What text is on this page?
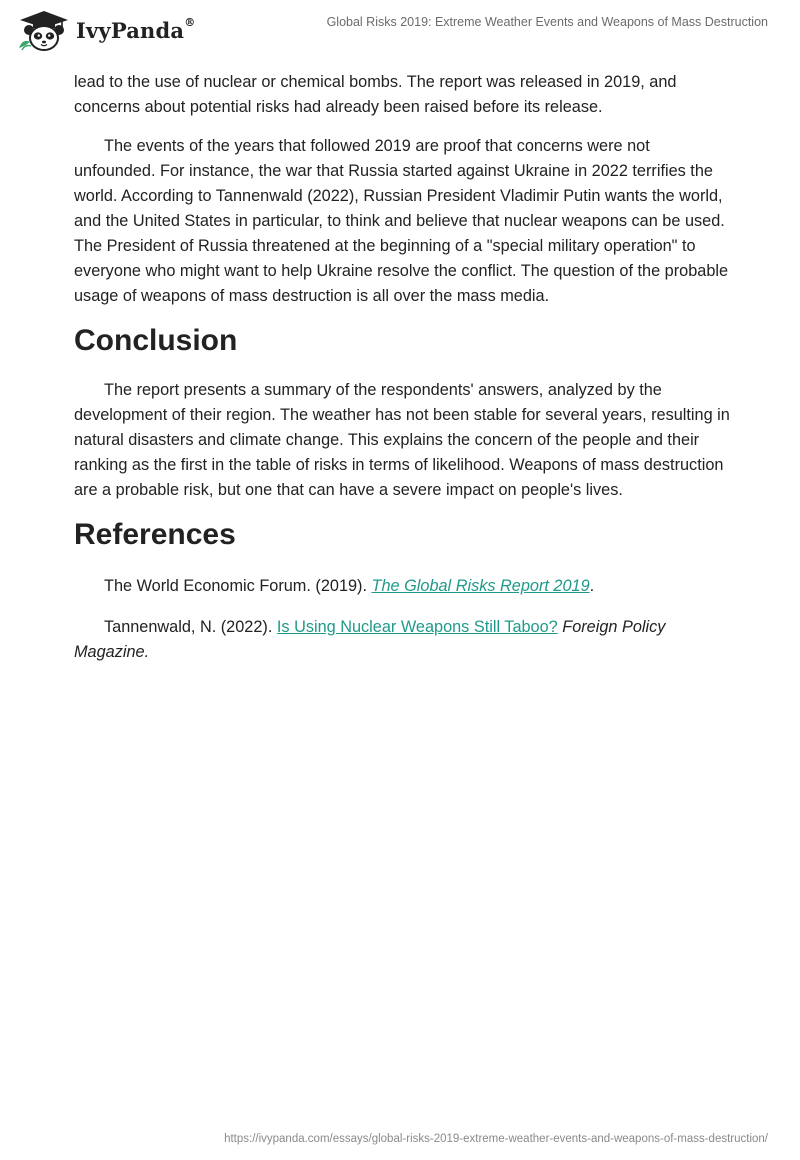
IvyPanda®	Global Risks 2019: Extreme Weather Events and Weapons of Mass Destruction

lead to the use of nuclear or chemical bombs. The report was released in 2019, and concerns about potential risks had already been raised before its release.

The events of the years that followed 2019 are proof that concerns were not unfounded. For instance, the war that Russia started against Ukraine in 2022 terrifies the world. According to Tannenwald (2022), Russian President Vladimir Putin wants the world, and the United States in particular, to think and believe that nuclear weapons can be used. The President of Russia threatened at the beginning of a "special military operation" to everyone who might want to help Ukraine resolve the conflict. The question of the probable usage of weapons of mass destruction is all over the mass media.

Conclusion

The report presents a summary of the respondents' answers, analyzed by the development of their region. The weather has not been stable for several years, resulting in natural disasters and climate change. This explains the concern of the people and their ranking as the first in the table of risks in terms of likelihood. Weapons of mass destruction are a probable risk, but one that can have a severe impact on people's lives.

References

The World Economic Forum. (2019). The Global Risks Report 2019.

Tannenwald, N. (2022). Is Using Nuclear Weapons Still Taboo? Foreign Policy Magazine.

https://ivypanda.com/essays/global-risks-2019-extreme-weather-events-and-weapons-of-mass-destruction/
